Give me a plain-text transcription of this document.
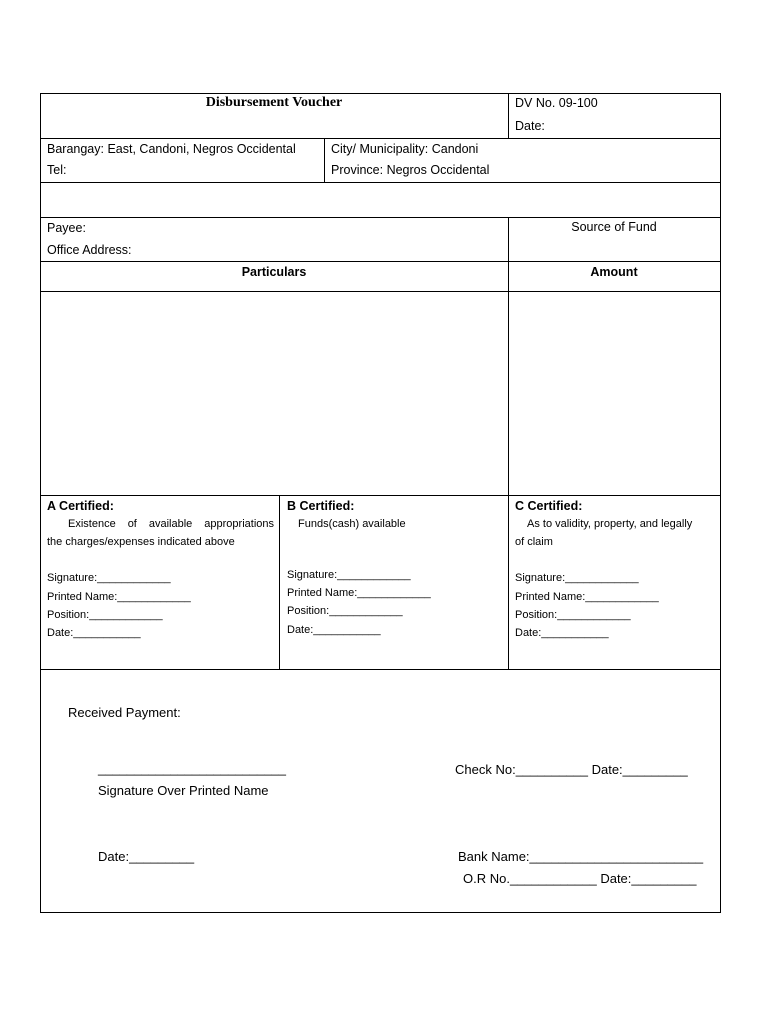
Disbursement Voucher	DV No. 09-100
Date:
Barangay: East, Candoni, Negros Occidental
Tel:
City/ Municipality: Candoni
Province: Negros Occidental
Payee:
Office Address:
Source of Fund
Particulars	Amount
A Certified:
Existence of available appropriations
the charges/expenses indicated above
Signature:____________
Printed Name:____________
Position:____________
Date:___________
B Certified:
Funds(cash) available
Signature:____________
Printed Name:____________
Position:____________
Date:___________
C Certified:
As to validity, property, and legally
of claim
Signature:____________
Printed Name:____________
Position:____________
Date:___________
Received Payment:
__________________________
Signature Over Printed Name
Date:_________
Check No:__________ Date:_________
Bank Name:________________________
O.R No.____________ Date:_________
